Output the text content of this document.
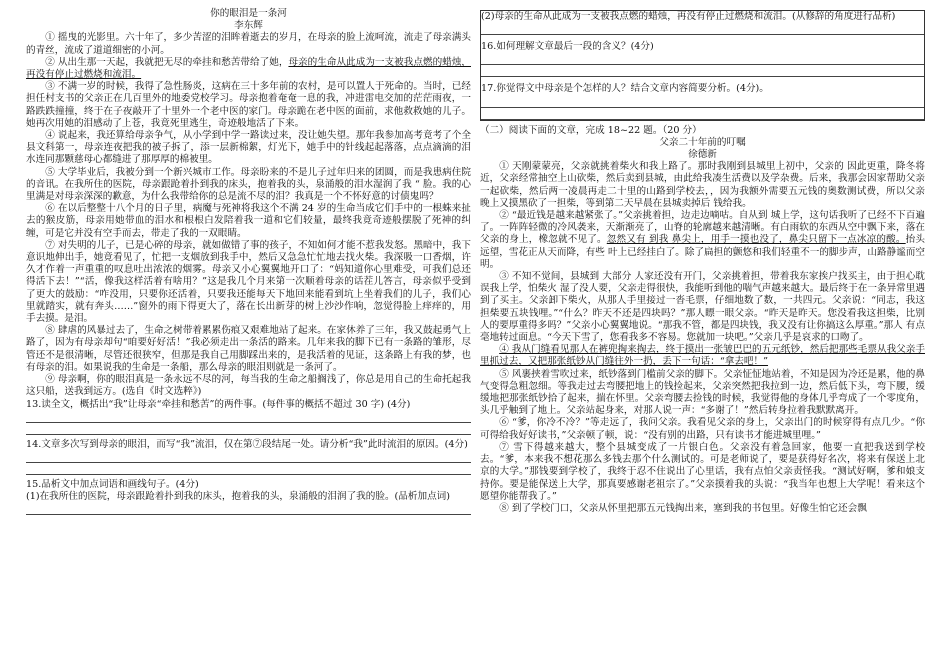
你的眼泪是一条河

李东辉

① 摇曳的光影里。六十年了，多少苦涩的泪眸着逝去的岁月，在母亲的脸上流呵流，流走了母亲满头的青丝，流成了道道细密的小河。

② 从出生那一天起，我就把无尽的牵挂和愁苦带给了她，母亲的生命从此成为一支被我点燃的蜡烛，再没有停止过燃烧和流泪。

③ 不满一岁的时候，我得了急性肠炎，这病在三十多年前的农村，是可以置人于死命的。当时，已经担任村支书的父亲正在几百里外的地委党校学习。母亲抱着奄奄一息的我，冲进雷电交加的茫茫雨夜，一路跌跌撞撞，终于在子夜敲开了十里外一个老中医的家门。母亲跪在老中医的面前，求他救救她的儿子。她再次用她的泪感动了上苍，我竟死里逃生，奇迹般地活了下来。

④ 说起来，我还算给母亲争气，从小学到中学一路读过来，没让她失望。那年我参加高考竟考了个全县文科第一，母亲连夜把我的被子拆了，添一层新棉絮，灯光下，她手中的针线起起落落，点点滴滴的泪水连同那颗慈母心都缝进了那厚厚的棉被里。

⑤ 大学毕业后，我被分到一个新兴城市工作。母亲盼来的不是儿子过年归来的团圆，而是我患病住院的音讯。在我所住的医院，母亲跟跄着扑到我的床头，抱着我的头，泉涌般的泪水湿润了我 “ 脸。我的心里满是对母亲深深的歉意，为什么我带给你的总是流不尽的泪？我真是一个不怀好意的讨债鬼吗？

⑥ 在以后整整十八个月的日子里，病魔与死神将我这个不满 24 岁的生命当成它们手中的一根蛛来扯去的猴皮筋，母亲用她带血的泪水和根根白发陪着我一道和它们较量，最终我竟奇迹般摆脱了死神的纠缠，可是它并没有空手而去，带走了我的一双眼睛。

⑦ 对失明的儿子，已是心碎的母亲，就如做错了事的孩子，不知如何才能不惹我发怒。黑暗中，我下意识地伸出手，她竟看见了，忙把一支烟放到我手中，然后又急急忙忙地去找火柴。我深吸一口香烟，许久才作着一声重重的叹息吐出浓浓的烟雾。母亲又小心翼翼地开口了：“妈知道你心里难受，可我们总还得活下去！”“活，像我这样活着有啥用？”这是我几个月来第一次顺着母亲的话茬儿答言，母亲似乎受到了更大的鼓励：“咋没用，只要你还活着，只要我还能每天下地回来能看到坑上坐着我们的儿子，我们心里就踏实，就有奔头……”窗外的雨下得更大了，落在长出新芽的树上沙沙作响，忽觉得脸上痒痒的，用手去摸。是泪。

⑧ 肆虐的风暴过去了，生命之树带着累累伤痕又艰难地站了起来。在家休养了三年，我又鼓起勇气上路了，因为有母亲却句“咱要好好活！”我必须走出一条活的路来。几年来我的脚下已有一条路的雏形，尽管还不是很清晰，尽管还很狭窄，但那是我自己用脚踩出来的，是我活着的见证，这条路上有我的梦，也有母亲的泪。如果说我的生命是一条船，那么母亲的眼泪则就是一条河了。

⑨ 母亲啊，你的眼泪真是一条永远不尽的河，每当我的生命之船搁浅了，你总是用自己的生命托起我这只船，送我到远方。(选自《时文选粹》)

13.读全文，概括出“我”让母亲“牵挂和愁苦”的两件事。(每件事的概括不超过 30 字) (4分)

14.文章多次写到母亲的眼泪，而写“我”流泪，仅在第⑦段结尾一处。请分析“我”此时流泪的原因。(4分)

15.品析文中加点词语和画线句子。(4分)

(1)在我所住的医院，母亲跟跄着扑到我的床头，抱着我的头，泉涌般的泪润了我的脸。(品析加点词)

(2)母亲的生命从此成为一支被我点燃的蜡烛，再没有停止过燃烧和流泪。(从修辞的角度进行品析)

16.如何理解文章最后一段的含义？(4分)

17.你觉得文中母亲是个怎样的人？结合文章内容简要分析。(4分)。

（二）阅读下面的文章，完成 18~22 题。（20 分）

父亲二十年前的叮嘱

徐德新

① 天刚蒙蒙亮，父亲就挑着柴火和我上路了。那时我刚到县城里上初中，父亲的 因此更重，降冬将近，父亲经常抽空上山砍柴，然后卖到县城，由此给我凑生活费以及学杂费。后来，我那会因家帮助父亲一起砍柴，然后两一凌晨再走二十里的山路到学校去，，因为我额外需要五元钱的奥数测试费，所以父亲晚上又摸黑砍了一担柴，等到第二天早晨在县城卖掉后 钱给我。

② “最近钱是越来越紧张了。”父亲挑着担，边走边嘀咕。自从到 城上学，这句话我听了已经不下百遍了。一阵阵轻微的冷风袭来，天渐渐亮了，山脊的轮廓越来越清晰。有白雨软的东西从空中飘下来，落在父亲的身上，橡忽就不见了。忽然又有 到我 鼻尖上，用手一摸也没了，鼻尖只留下一点冰凉的酸。抬头远望，雪花正从天而降，有些 叶上已经挂白了。除了扁担的颤悠和我们轻重不一的脚步声，山路静谧而空明。

③ 不知不觉间，县城到 大部分 人家还没有开门，父亲挑着担，带着我东家挨户找买主，由于担心耽误我上学，怕柴火 湿了没人要，父亲走得很快，我能听到他的喘气声越来越大。最后终于在一条异常里遇到了买主。父亲卸下柴火，从那人手里接过一沓毛票，仔细地数了数，一共四元。父亲说：“同志，我这担柴要五块钱哩。”“什么？昨天不还是四块吗？”那人瞟一眼父亲。“昨天是昨天。您没看我这担柴，比别人的要厚重得多吗？”父亲小心翼翼地说。“那我不管，都是四块钱，我又没有让你搞这么厚重。”那人 有点毫地转过面息。“今天下雪了，您看我多不容易。您就加一块吧。”父亲几乎是哀求的口吻了。

④ 我从门缝看见那人在裤兜掏来掏去，终于摸出一张皱巴巴的五元纸钞，然后把那些毛票从我父亲手里抓过去，又把那张纸钞从门缝往外一扔，丢下一句话：“拿去吧！”

⑤ 风裹挟着雪吹过来，纸钞落到门槛前父亲的脚下。父亲怔怔地站着，不知是因为冷还是累，他的鼻气变得急粗忽细。等我走过去弯腰把地上的钱捡起来，父亲突然把我拉到一边，然后低下头，弯下腰，缓缓地把那张纸钞拾了起来，揣在怀里。父亲弯腰去捡钱的时候，我觉得他的身体几乎弯成了一个零度角，头几乎触到了地上。父亲站起身来，对那人说一声：“多谢了！”然后转身拉着我默默离开。

⑥ “爹，你冷不冷？”等走远了，我问父亲。我看见父亲的身上，父亲出门的时候穿得有点几少。“你可得给我好好读书，”父亲顿了顿，说：“没有别的出路，只有读书才能进城里哩。”

⑦ 雪下得越来越大，整个县城变成了一片银白色。父亲没有着急回家，他要一直把我送到学校去。“爹，本来我不想花那么多钱去那个什么测试的。可是老师说了，要是获得好名次，将来有保送上北京的大学。”那钱要到学校了，我终于忍不住说出了心里话，我有点怕父亲责怪我。“测试好啊，爹和娘支持你。要是能保送上大学，那真要感谢老祖宗了。”父亲摸着我的头说：“我当年也想上大学呢！看来这个愿望你能帮我了。”

⑧ 到了学校门口，父亲从怀里把那五元钱掏出来，塞到我的书包里。好像生怕它还会飘
